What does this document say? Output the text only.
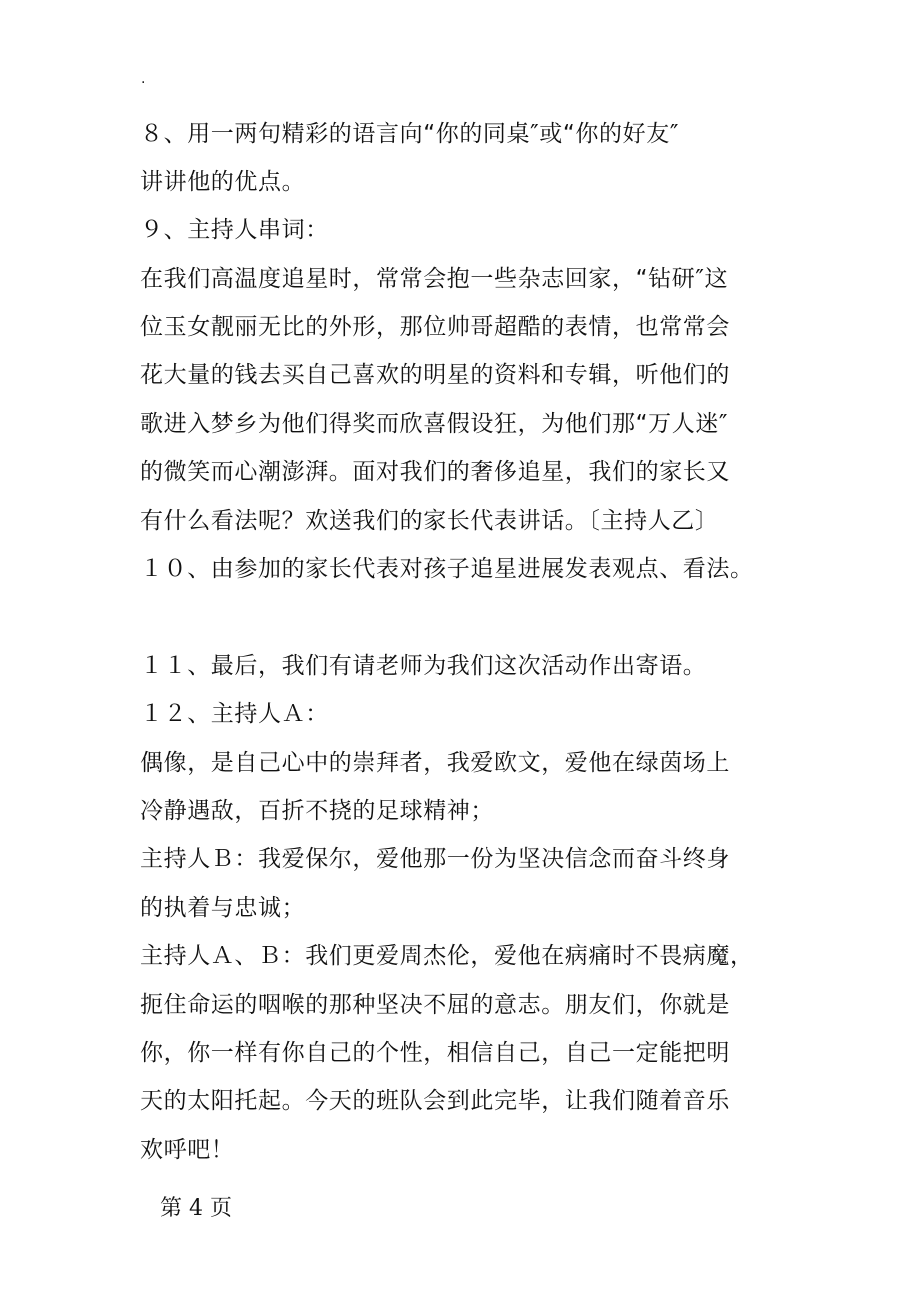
·
８、用一两句精彩的语言向“你的同桌″或“你的好友″
讲讲他的优点。
９、主持人串词：
在我们高温度追星时，常常会抱一些杂志回家，“钻研″这
位玉女靓丽无比的外形，那位帅哥超酷的表情，也常常会
花大量的钱去买自己喜欢的明星的资料和专辑，听他们的
歌进入梦乡为他们得奖而欣喜假设狂，为他们那“万人迷″
的微笑而心潮澎湃。面对我们的奢侈追星，我们的家长又
有什么看法呢？欢送我们的家长代表讲话。〔主持人乙〕
１０、由参加的家长代表对孩子追星进展发表观点、看法。
１１、最后，我们有请老师为我们这次活动作出寄语。
１２、主持人Ａ：
偶像，是自己心中的崇拜者，我爱欧文，爱他在绿茵场上
冷静遇敌，百折不挠的足球精神；
主持人Ｂ：我爱保尔，爱他那一份为坚决信念而奋斗终身
的执着与忠诚；
主持人Ａ、Ｂ：我们更爱周杰伦，爱他在病痛时不畏病魔，
扼住命运的咽喉的那种坚决不屈的意志。朋友们，你就是
你，你一样有你自己的个性，相信自己，自己一定能把明
天的太阳托起。今天的班队会到此完毕，让我们随着音乐
欢呼吧！
第 4 页
